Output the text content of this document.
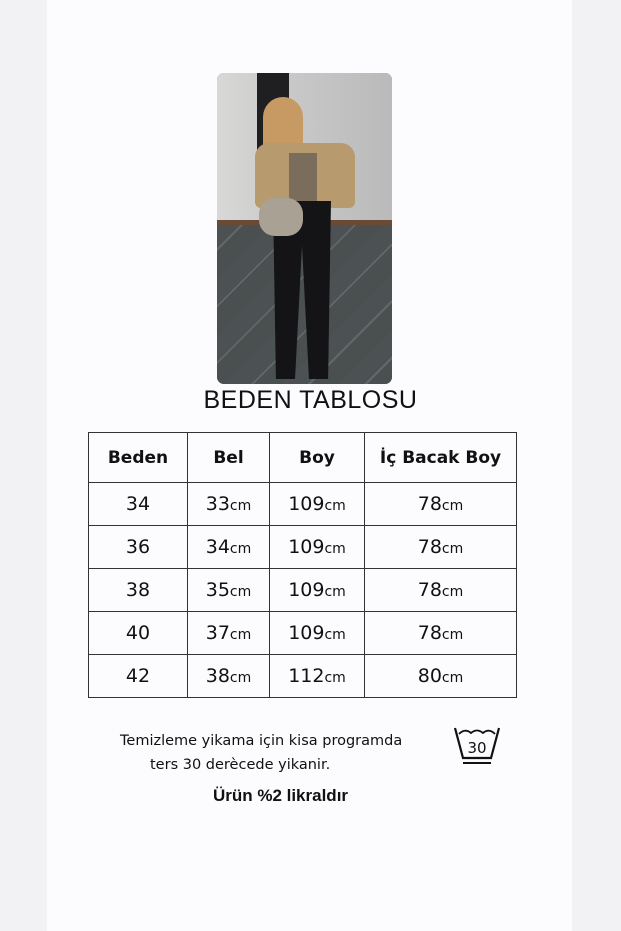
BEDEN TABLOSU
Beden	Bel	Boy	İç Bacak Boy
34	33cm	109cm	78cm
36	34cm	109cm	78cm
38	35cm	109cm	78cm
40	37cm	109cm	78cm
42	38cm	112cm	80cm
Temizleme yikama için kisa programda
ters 30 derècede yikanir.
30
Ürün %2 likraldır
